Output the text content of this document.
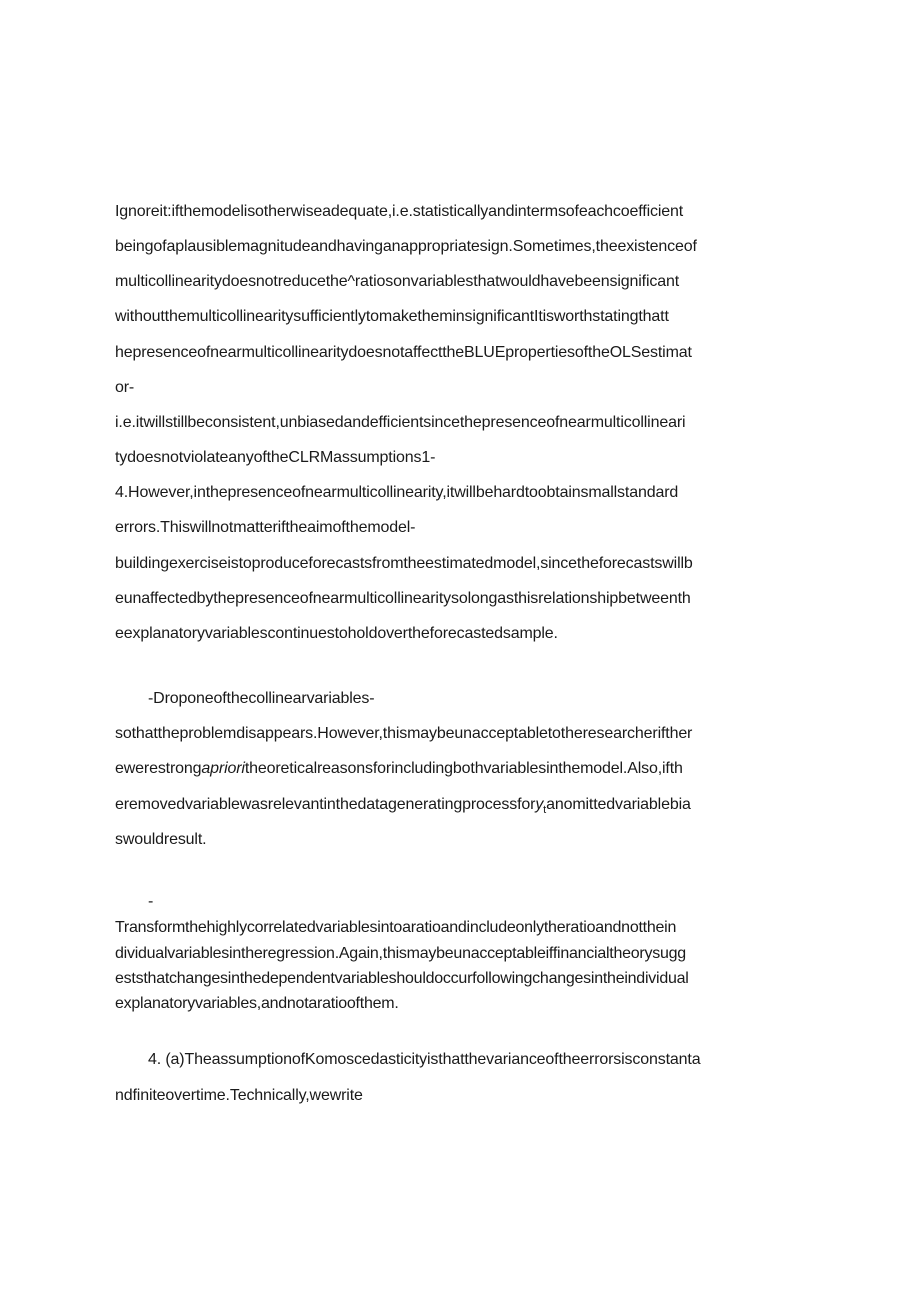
Ignoreit:ifthemodelisotherwiseadequate,i.e.statisticallyandintermsofeachcoefficient
beingofaplausiblemagnitudeandhavinganappropriatesign.Sometimes,theexistenceof
multicollinearitydoesnotreducethe^ratiosonvariablesthatwouldhavebeensignificant
withoutthemulticollinearitysufficientlytomaketheminsignificantItisworthstatingthatt
hepresenceofnearmulticollinearitydoesnotaffecttheBLUEpropertiesoftheOLSestimat
or-
i.e.itwillstillbeconsistent,unbiasedandefficientsincethepresenceofnearmulticollineari
tydoesnotviolateanyoftheCLRMassumptions1-
4.However,inthepresenceofnearmulticollinearity,itwillbehardtoobtainsmallstandard
errors.Thiswillnotmatteriftheaimofthemodel-
buildingexerciseistoproduceforecastsfromtheestimatedmodel,sincetheforecastswillb
eunaffectedbythepresenceofnearmulticollinearitysolongasthisrelationshipbetweenth
eexplanatoryvariablescontinuestoholdovertheforecastedsample.
-Droponeofthecollinearvariables-
sothattheproblemdisappears.However,thismaybeunacceptabletotheresearcherifther
ewerestrongaprioritheoreticalreasonsforincludingbothvariablesinthemodel.Also,ifth
eremovedvariablewasrelevantinthedatageneratingprocessfory$_t$anomittedvariablebia
swouldresult.
-
Transformthehighlycorrelatedvariablesintoaratioandincludeonlytheratioandnotthein
dividualvariablesintheregression.Again,thismaybeunacceptableiffinancialtheorysugg
eststhatchangesinthedependentvariableshouldoccurfollowingchangesintheindividual
explanatoryvariables,andnotaratioofthem.
4. (a)TheassumptionofKomoscedasticityisthatthevarianceoftheerrorsisconstanta
ndfiniteovertime.Technically,wewrite
